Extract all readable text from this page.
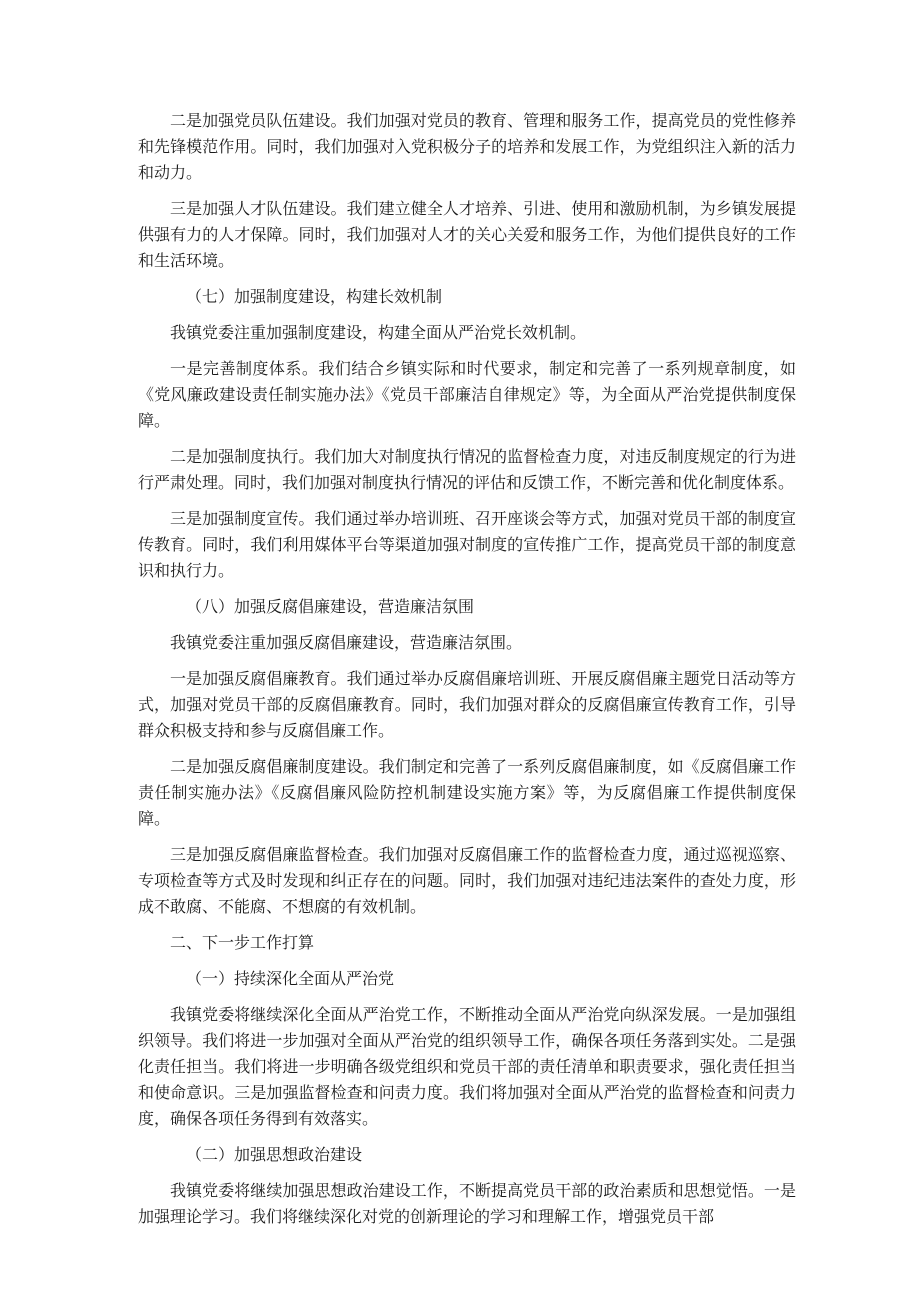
二是加强党员队伍建设。我们加强对党员的教育、管理和服务工作，提高党员的党性修养和先锋模范作用。同时，我们加强对入党积极分子的培养和发展工作，为党组织注入新的活力和动力。

三是加强人才队伍建设。我们建立健全人才培养、引进、使用和激励机制，为乡镇发展提供强有力的人才保障。同时，我们加强对人才的关心关爱和服务工作，为他们提供良好的工作和生活环境。

（七）加强制度建设，构建长效机制

我镇党委注重加强制度建设，构建全面从严治党长效机制。

一是完善制度体系。我们结合乡镇实际和时代要求，制定和完善了一系列规章制度，如《党风廉政建设责任制实施办法》《党员干部廉洁自律规定》等，为全面从严治党提供制度保障。

二是加强制度执行。我们加大对制度执行情况的监督检查力度，对违反制度规定的行为进行严肃处理。同时，我们加强对制度执行情况的评估和反馈工作，不断完善和优化制度体系。

三是加强制度宣传。我们通过举办培训班、召开座谈会等方式，加强对党员干部的制度宣传教育。同时，我们利用媒体平台等渠道加强对制度的宣传推广工作，提高党员干部的制度意识和执行力。

（八）加强反腐倡廉建设，营造廉洁氛围

我镇党委注重加强反腐倡廉建设，营造廉洁氛围。

一是加强反腐倡廉教育。我们通过举办反腐倡廉培训班、开展反腐倡廉主题党日活动等方式，加强对党员干部的反腐倡廉教育。同时，我们加强对群众的反腐倡廉宣传教育工作，引导群众积极支持和参与反腐倡廉工作。

二是加强反腐倡廉制度建设。我们制定和完善了一系列反腐倡廉制度，如《反腐倡廉工作责任制实施办法》《反腐倡廉风险防控机制建设实施方案》等，为反腐倡廉工作提供制度保障。

三是加强反腐倡廉监督检查。我们加强对反腐倡廉工作的监督检查力度，通过巡视巡察、专项检查等方式及时发现和纠正存在的问题。同时，我们加强对违纪违法案件的查处力度，形成不敢腐、不能腐、不想腐的有效机制。

二、下一步工作打算

（一）持续深化全面从严治党

我镇党委将继续深化全面从严治党工作，不断推动全面从严治党向纵深发展。一是加强组织领导。我们将进一步加强对全面从严治党的组织领导工作，确保各项任务落到实处。二是强化责任担当。我们将进一步明确各级党组织和党员干部的责任清单和职责要求，强化责任担当和使命意识。三是加强监督检查和问责力度。我们将加强对全面从严治党的监督检查和问责力度，确保各项任务得到有效落实。

（二）加强思想政治建设

我镇党委将继续加强思想政治建设工作，不断提高党员干部的政治素质和思想觉悟。一是加强理论学习。我们将继续深化对党的创新理论的学习和理解工作，增强党员干部
